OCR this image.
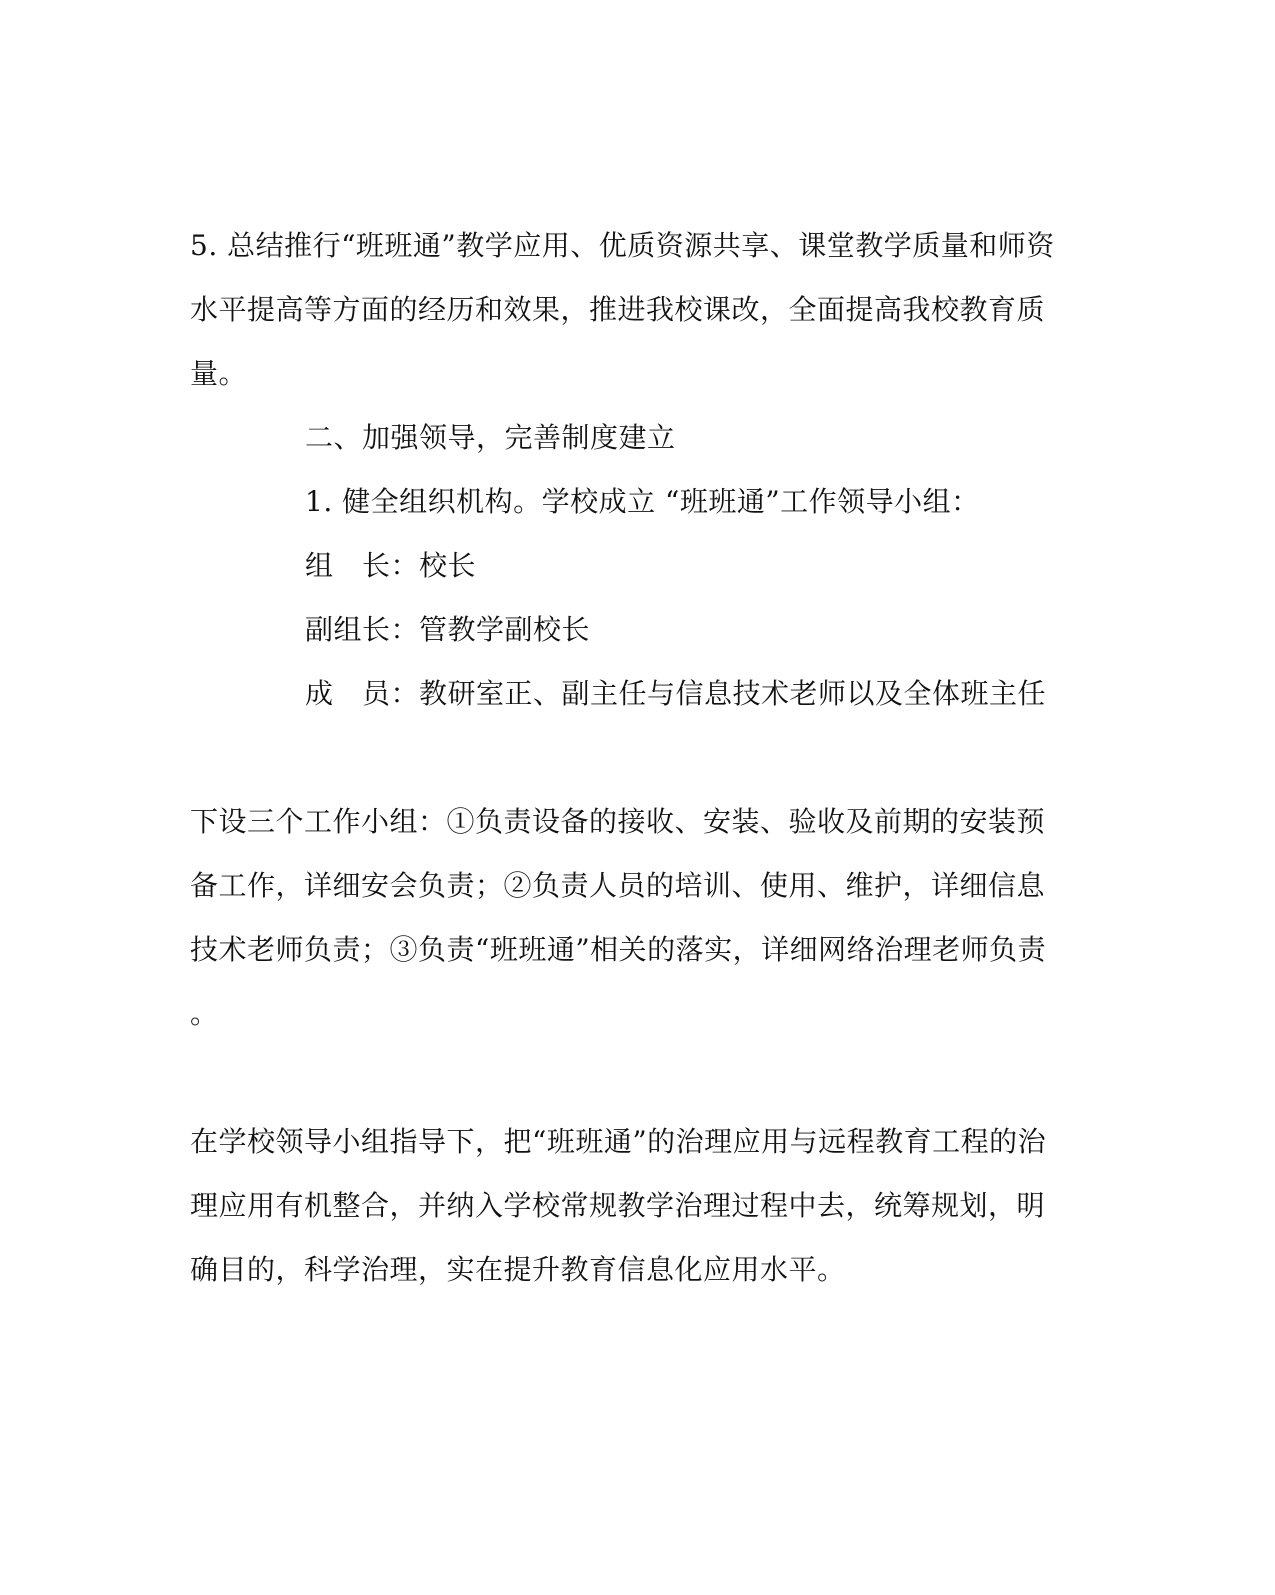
5. 总结推行“班班通”教学应用、优质资源共享、课堂教学质量和师资
水平提高等方面的经历和效果，推进我校课改，全面提高我校教育质
量。
二、加强领导，完善制度建立
1. 健全组织机构。学校成立 “班班通”工作领导小组：
组　长：校长
副组长：管教学副校长
成　员：教研室正、副主任与信息技术老师以及全体班主任
下设三个工作小组：①负责设备的接收、安装、验收及前期的安装预
备工作，详细安会负责；②负责人员的培训、使用、维护，详细信息
技术老师负责；③负责“班班通”相关的落实，详细网络治理老师负责
。
在学校领导小组指导下，把“班班通”的治理应用与远程教育工程的治
理应用有机整合，并纳入学校常规教学治理过程中去，统筹规划，明
确目的，科学治理，实在提升教育信息化应用水平。
